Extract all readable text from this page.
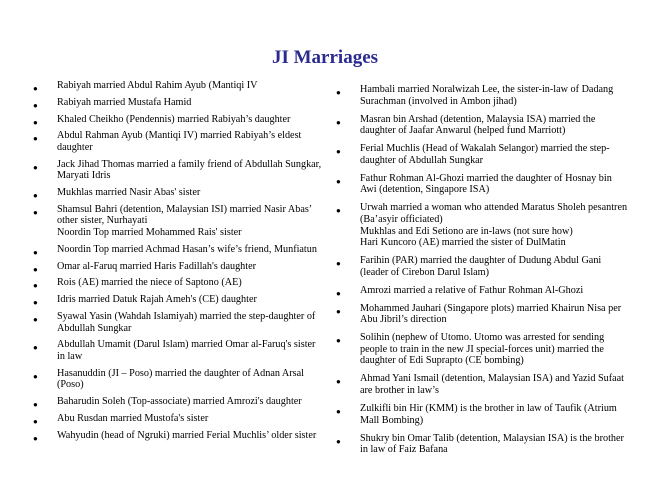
JI Marriages
● Rabiyah married Abdul Rahim Ayub (Mantiqi IV
● Rabiyah married Mustafa Hamid
● Khaled Cheikho (Pendennis) married Rabiyah’s daughter
● Abdul Rahman Ayub (Mantiqi IV) married Rabiyah’s eldest daughter
● Jack Jihad Thomas married a family friend of Abdullah Sungkar, Maryati Idris
● Mukhlas married Nasir Abas' sister
● Shamsul Bahri (detention, Malaysian ISI) married Nasir Abas’ other sister, Nurhayati
Noordin Top married Mohammed Rais' sister
● Noordin Top married Achmad Hasan’s wife’s friend, Munfiatun
● Omar al-Faruq married Haris Fadillah's daughter
● Rois (AE) married the niece of Saptono (AE)
● Idris married Datuk Rajah Ameh's (CE) daughter
● Syawal Yasin (Wahdah Islamiyah) married the step-daughter of Abdullah Sungkar
● Abdullah Umamit (Darul Islam) married Omar al-Faruq's sister in law
● Hasanuddin (JI – Poso) married the daughter of Adnan Arsal (Poso)
● Baharudin Soleh (Top-associate) married Amrozi's daughter
● Abu Rusdan married Mustofa's sister
● Wahyudin (head of Ngruki) married Ferial Muchlis’ older sister
● Hambali married Noralwizah Lee, the sister-in-law of Dadang Surachman (involved in Ambon jihad)
● Masran bin Arshad (detention, Malaysia ISA) married the daughter of Jaafar Anwarul (helped fund Marriott)
● Ferial Muchlis (Head of Wakalah Selangor) married the step-daughter of Abdullah Sungkar
● Fathur Rohman Al-Ghozi married the daughter of Hosnay bin Awi (detention, Singapore ISA)
● Urwah married a woman who attended Maratus Sholeh pesantren (Ba’asyir officiated)
Mukhlas and Edi Setiono are in-laws (not sure how)
Hari Kuncoro (AE) married the sister of DulMatin
● Farihin (PAR) married the daughter of Dudung Abdul Gani (leader of Cirebon Darul Islam)
● Amrozi married a relative of Fathur Rohman Al-Ghozi
● Mohammed Jauhari (Singapore plots) married Khairun Nisa per Abu Jibril’s direction
● Solihin (nephew of Utomo. Utomo was arrested for sending people to train in the new JI special-forces unit) married the daughter of Edi Suprapto (CE bombing)
● Ahmad Yani Ismail (detention, Malaysian ISA) and Yazid Sufaat are brother in law’s
● Zulkifli bin Hir (KMM) is the brother in law of Taufik (Atrium Mall Bombing)
● Shukry bin Omar Talib (detention, Malaysian ISA) is the brother in law of Faiz Bafana
